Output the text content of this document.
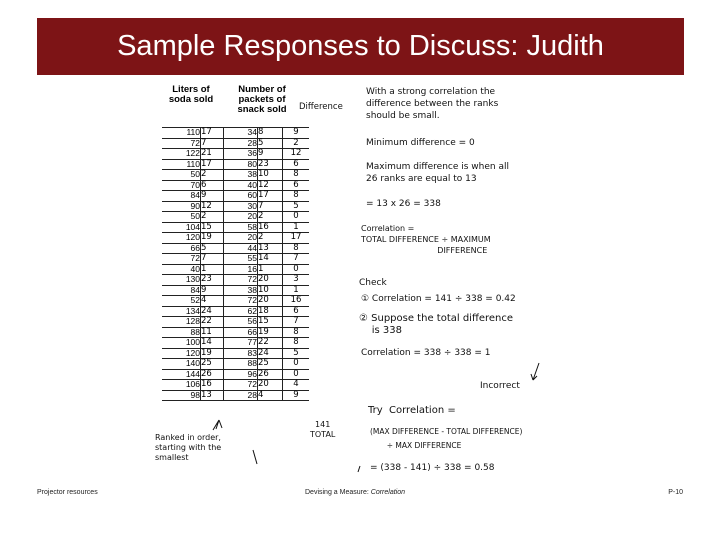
Sample Responses to Discuss: Judith
Liters of soda sold
Number of packets of snack sold Difference
110	17	34	8	9
72	7	28	5	2
122	21	36	9	12
110	17	80	23	6
50	2	38	10	8
70	6	40	12	6
84	9	60	17	8
90	12	30	7	5
50	2	20	2	0
104	15	58	16	1
120	19	20	2	17
66	5	44	13	8
72	7	55	14	7
40	1	16	1	0
130	23	72	20	3
84	9	38	10	1
52	4	72	20	16
134	24	62	18	6
128	22	56	15	7
88	11	66	19	8
100	14	77	22	8
120	19	83	24	5
140	25	88	25	0
144	26	96	26	0
106	16	72	20	4
98	13	28	4	9
With a strong correlation the
difference between the ranks
should be small.
Minimum difference = 0
Maximum difference is when all
26 ranks are equal to 13
= 13 x 26 = 338
Correlation =
TOTAL DIFFERENCE ÷ MAXIMUM
DIFFERENCE
Check
① Correlation = 141 ÷ 338 = 0.42
② Suppose the total difference
is 338
Correlation = 338 ÷ 338 = 1
Incorrect
Try  Correlation =
(MAX DIFFERENCE - TOTAL DIFFERENCE)
÷ MAX DIFFERENCE
= (338 - 141) ÷ 338 = 0.58
Ranked in order,
starting with the
smallest
141
TOTAL
Projector resources	Devising a Measure: Correlation	P-10
